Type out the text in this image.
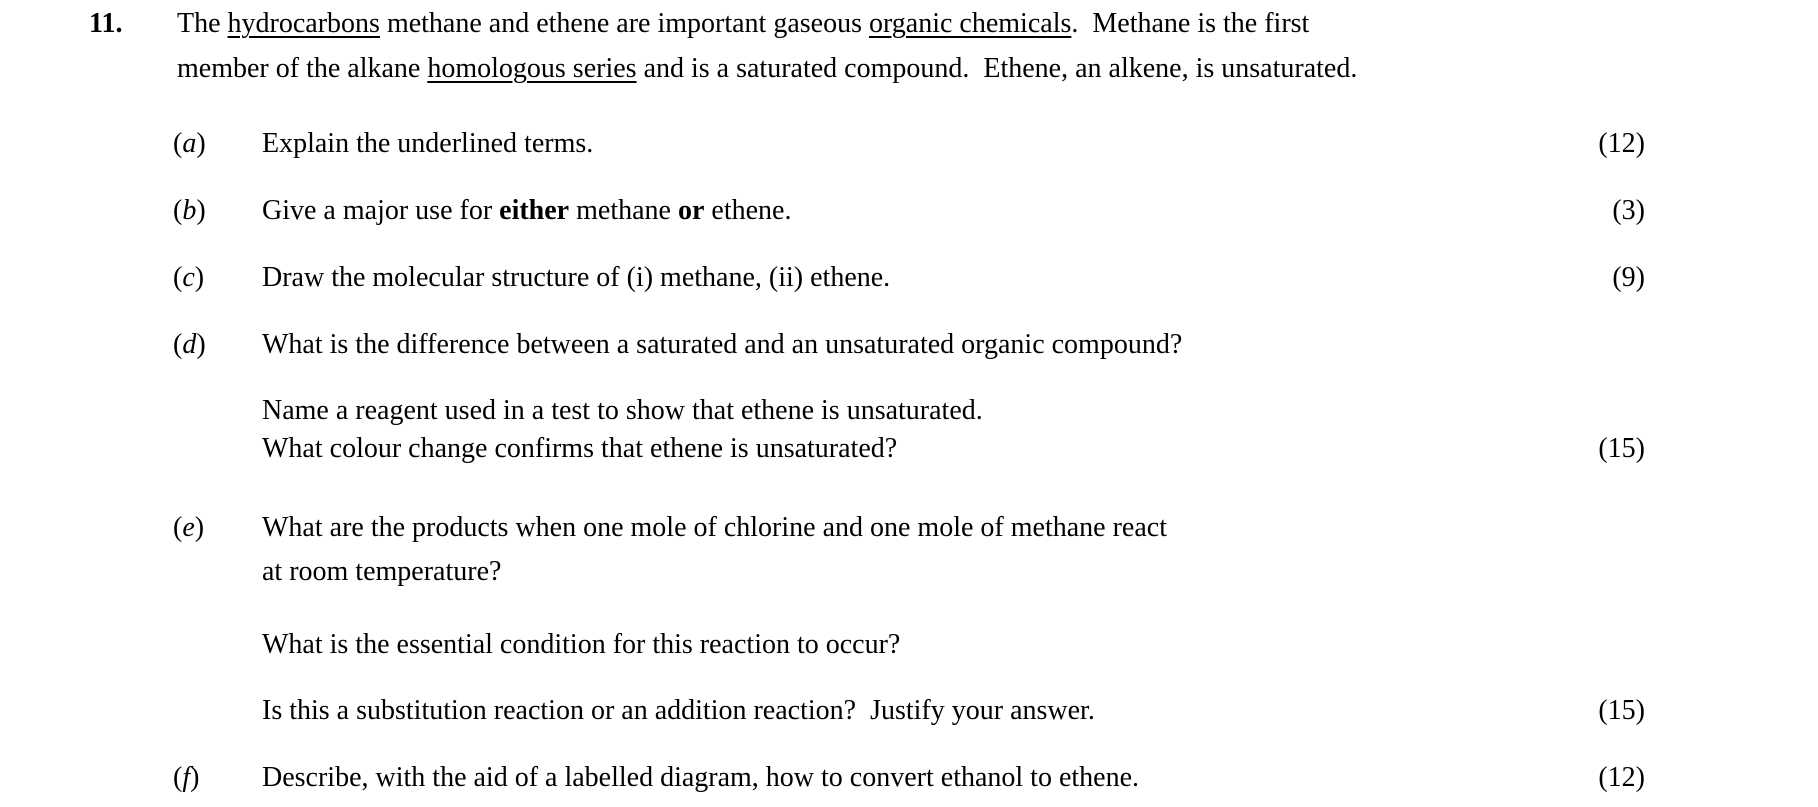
11. The hydrocarbons methane and ethene are important gaseous organic chemicals.  Methane is the first
member of the alkane homologous series and is a saturated compound.  Ethene, an alkene, is unsaturated.
(a) Explain the underlined terms.	(12)
(b) Give a major use for either methane or ethene.	(3)
(c) Draw the molecular structure of (i) methane, (ii) ethene.	(9)
(d) What is the difference between a saturated and an unsaturated organic compound?
Name a reagent used in a test to show that ethene is unsaturated.
What colour change confirms that ethene is unsaturated?	(15)
(e) What are the products when one mole of chlorine and one mole of methane react
at room temperature?
What is the essential condition for this reaction to occur?
Is this a substitution reaction or an addition reaction?  Justify your answer.	(15)
(f) Describe, with the aid of a labelled diagram, how to convert ethanol to ethene.	(12)
